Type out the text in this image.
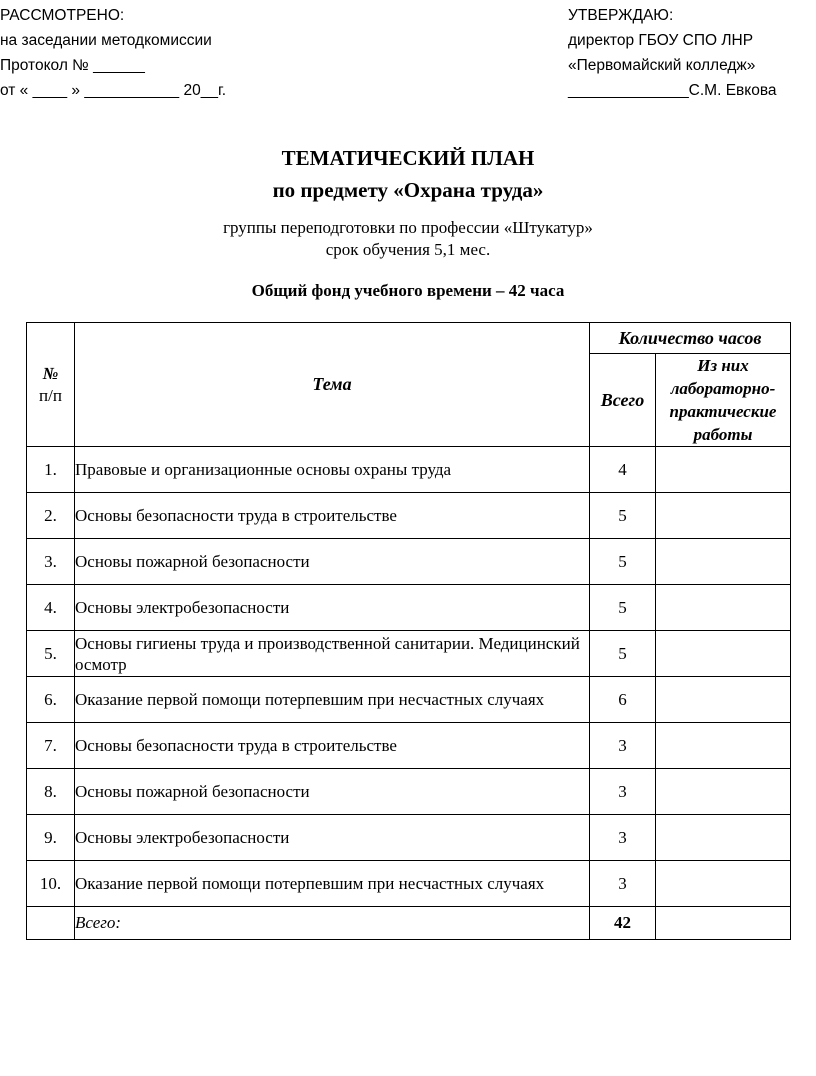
РАССМОТРЕНО:
на заседании методкомиссии
Протокол № ______
от « ____ » ___________ 20__г.
УТВЕРЖДАЮ:
директор ГБОУ СПО ЛНР
«Первомайский колледж»
______________С.М. Евкова
ТЕМАТИЧЕСКИЙ ПЛАН
по предмету «Охрана труда»
группы переподготовки по профессии «Штукатур»
срок обучения 5,1 мес.
Общий фонд учебного времени – 42 часа
№
п/п	Тема	Количество часов	
		Всего	Из них лабораторно-практические работы
1.	Правовые и организационные основы охраны труда	4	
2.	Основы безопасности труда в строительстве	5	
3.	Основы пожарной безопасности	5	
4.	Основы электробезопасности	5	
5.	Основы гигиены труда и производственной санитарии. Медицинский осмотр	5	
6.	Оказание первой помощи потерпевшим при несчастных случаях	6	
7.	Основы безопасности труда в строительстве	3	
8.	Основы пожарной безопасности	3	
9.	Основы электробезопасности	3	
10.	Оказание первой помощи потерпевшим при несчастных случаях	3	
	Всего:	42	
